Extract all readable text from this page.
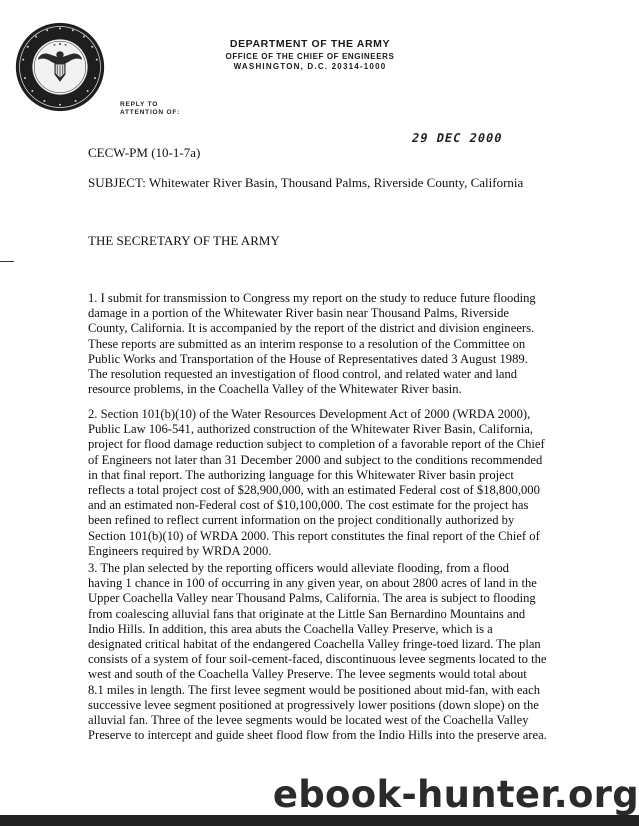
DEPARTMENT OF THE ARMY
OFFICE OF THE CHIEF OF ENGINEERS
WASHINGTON, D.C. 20314-1000
REPLY TO
ATTENTION OF:
29 DEC 2000
CECW-PM (10-1-7a)
SUBJECT: Whitewater River Basin, Thousand Palms, Riverside County, California
THE SECRETARY OF THE ARMY
1. I submit for transmission to Congress my report on the study to reduce future flooding
damage in a portion of the Whitewater River basin near Thousand Palms, Riverside
County, California. It is accompanied by the report of the district and division engineers.
These reports are submitted as an interim response to a resolution of the Committee on
Public Works and Transportation of the House of Representatives dated 3 August 1989.
The resolution requested an investigation of flood control, and related water and land
resource problems, in the Coachella Valley of the Whitewater River basin.
2. Section 101(b)(10) of the Water Resources Development Act of 2000 (WRDA 2000),
Public Law 106-541, authorized construction of the Whitewater River Basin, California,
project for flood damage reduction subject to completion of a favorable report of the Chief
of Engineers not later than 31 December 2000 and subject to the conditions recommended
in that final report. The authorizing language for this Whitewater River basin project
reflects a total project cost of $28,900,000, with an estimated Federal cost of $18,800,000
and an estimated non-Federal cost of $10,100,000. The cost estimate for the project has
been refined to reflect current information on the project conditionally authorized by
Section 101(b)(10) of WRDA 2000. This report constitutes the final report of the Chief of
Engineers required by WRDA 2000.
3. The plan selected by the reporting officers would alleviate flooding, from a flood
having 1 chance in 100 of occurring in any given year, on about 2800 acres of land in the
Upper Coachella Valley near Thousand Palms, California. The area is subject to flooding
from coalescing alluvial fans that originate at the Little San Bernardino Mountains and
Indio Hills. In addition, this area abuts the Coachella Valley Preserve, which is a
designated critical habitat of the endangered Coachella Valley fringe-toed lizard. The plan
consists of a system of four soil-cement-faced, discontinuous levee segments located to the
west and south of the Coachella Valley Preserve. The levee segments would total about
8.1 miles in length. The first levee segment would be positioned about mid-fan, with each
successive levee segment positioned at progressively lower positions (down slope) on the
alluvial fan. Three of the levee segments would be located west of the Coachella Valley
Preserve to intercept and guide sheet flood flow from the Indio Hills into the preserve area.
ebook-hunter.org
